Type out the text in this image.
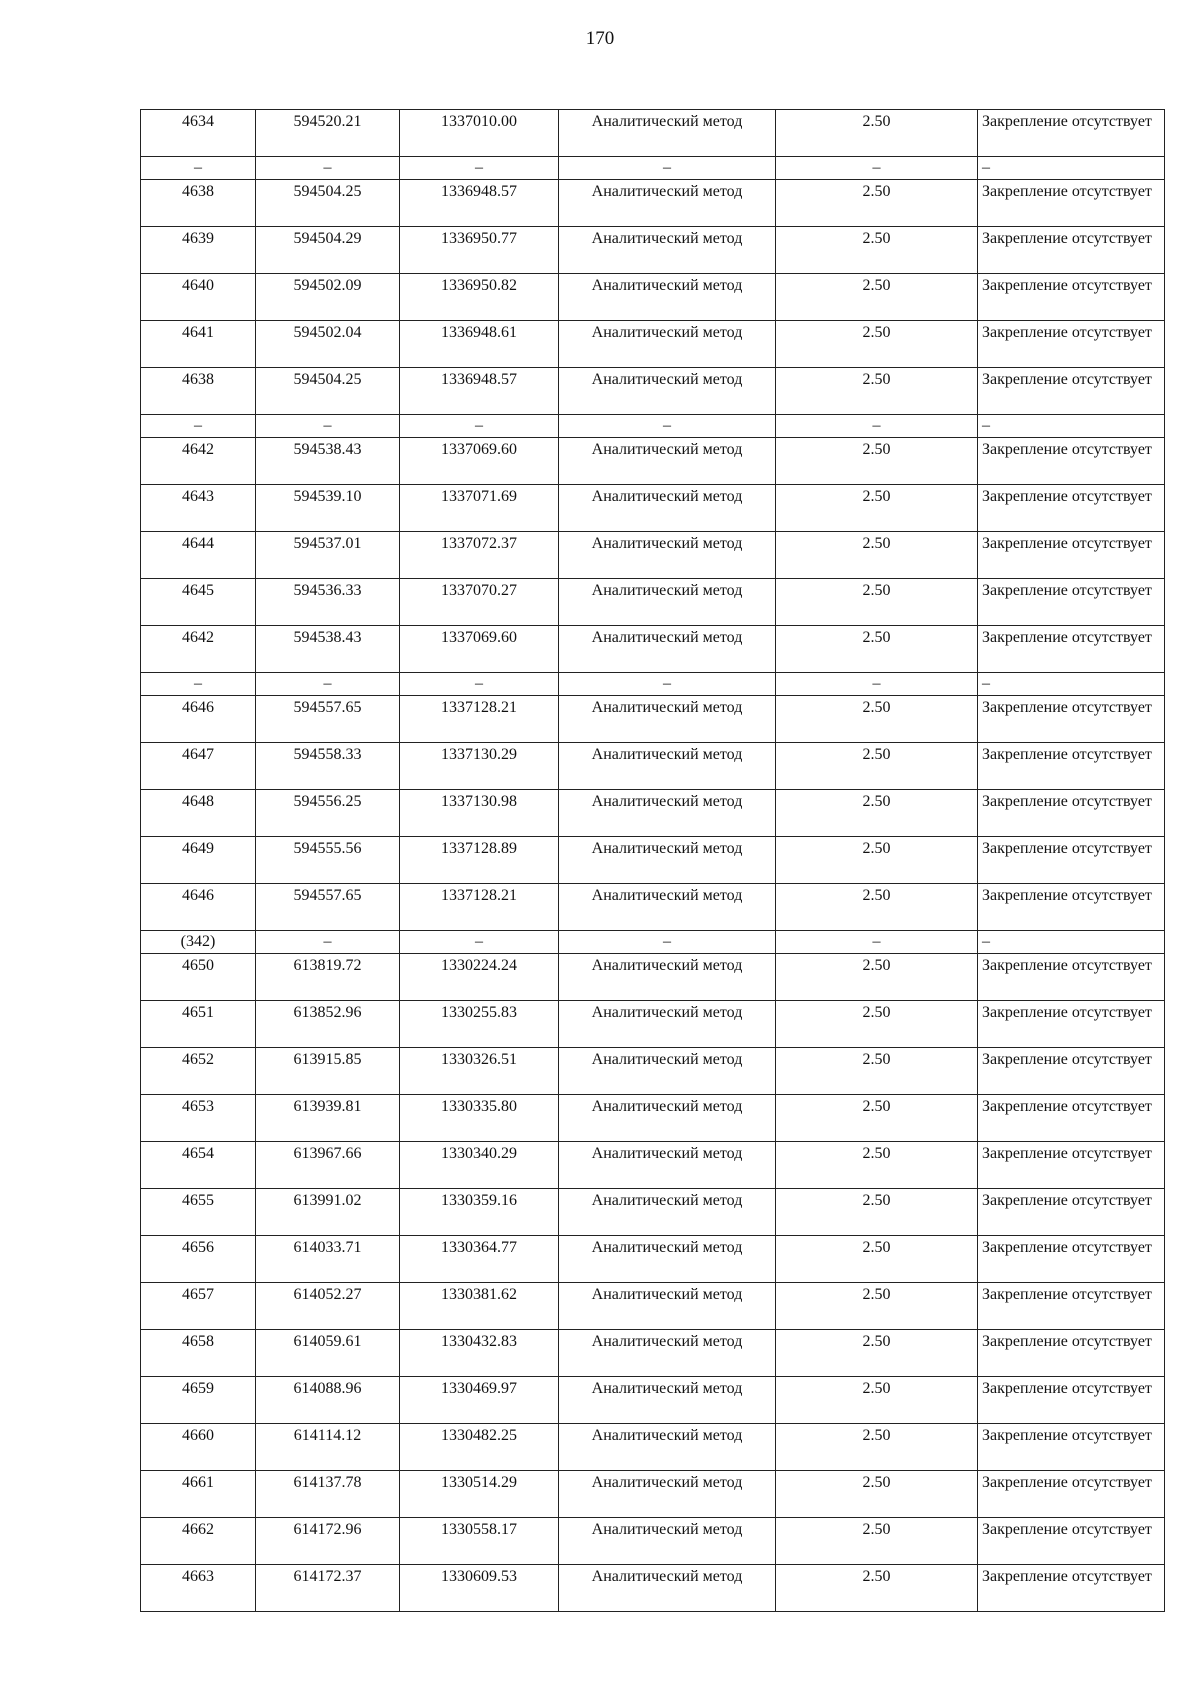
170
4634	594520.21	1337010.00	Аналитический метод	2.50	Закрепление отсутствует
–	–	–	–	–	–
4638	594504.25	1336948.57	Аналитический метод	2.50	Закрепление отсутствует
4639	594504.29	1336950.77	Аналитический метод	2.50	Закрепление отсутствует
4640	594502.09	1336950.82	Аналитический метод	2.50	Закрепление отсутствует
4641	594502.04	1336948.61	Аналитический метод	2.50	Закрепление отсутствует
4638	594504.25	1336948.57	Аналитический метод	2.50	Закрепление отсутствует
–	–	–	–	–	–
4642	594538.43	1337069.60	Аналитический метод	2.50	Закрепление отсутствует
4643	594539.10	1337071.69	Аналитический метод	2.50	Закрепление отсутствует
4644	594537.01	1337072.37	Аналитический метод	2.50	Закрепление отсутствует
4645	594536.33	1337070.27	Аналитический метод	2.50	Закрепление отсутствует
4642	594538.43	1337069.60	Аналитический метод	2.50	Закрепление отсутствует
–	–	–	–	–	–
4646	594557.65	1337128.21	Аналитический метод	2.50	Закрепление отсутствует
4647	594558.33	1337130.29	Аналитический метод	2.50	Закрепление отсутствует
4648	594556.25	1337130.98	Аналитический метод	2.50	Закрепление отсутствует
4649	594555.56	1337128.89	Аналитический метод	2.50	Закрепление отсутствует
4646	594557.65	1337128.21	Аналитический метод	2.50	Закрепление отсутствует
(342)	–	–	–	–	–
4650	613819.72	1330224.24	Аналитический метод	2.50	Закрепление отсутствует
4651	613852.96	1330255.83	Аналитический метод	2.50	Закрепление отсутствует
4652	613915.85	1330326.51	Аналитический метод	2.50	Закрепление отсутствует
4653	613939.81	1330335.80	Аналитический метод	2.50	Закрепление отсутствует
4654	613967.66	1330340.29	Аналитический метод	2.50	Закрепление отсутствует
4655	613991.02	1330359.16	Аналитический метод	2.50	Закрепление отсутствует
4656	614033.71	1330364.77	Аналитический метод	2.50	Закрепление отсутствует
4657	614052.27	1330381.62	Аналитический метод	2.50	Закрепление отсутствует
4658	614059.61	1330432.83	Аналитический метод	2.50	Закрепление отсутствует
4659	614088.96	1330469.97	Аналитический метод	2.50	Закрепление отсутствует
4660	614114.12	1330482.25	Аналитический метод	2.50	Закрепление отсутствует
4661	614137.78	1330514.29	Аналитический метод	2.50	Закрепление отсутствует
4662	614172.96	1330558.17	Аналитический метод	2.50	Закрепление отсутствует
4663	614172.37	1330609.53	Аналитический метод	2.50	Закрепление отсутствует
